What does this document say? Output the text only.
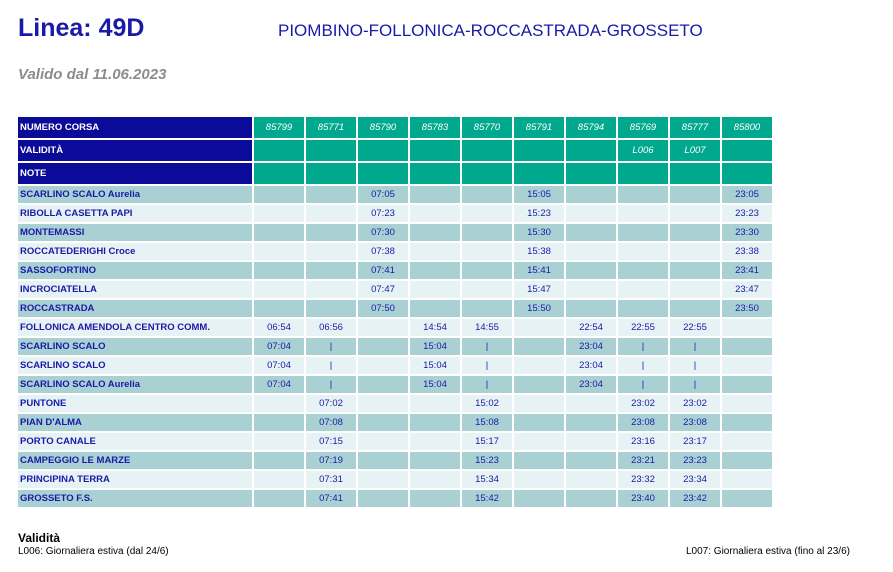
Linea: 49D	PIOMBINO-FOLLONICA-ROCCASTRADA-GROSSETO
Valido dal 11.06.2023
NUMERO CORSA	85799	85771	85790	85783	85770	85791	85794	85769	85777	85800
VALIDITÀ								L006	L007	
NOTE										
SCARLINO SCALO Aurelia			07:05			15:05				23:05
RIBOLLA CASETTA PAPI			07:23			15:23				23:23
MONTEMASSI			07:30			15:30				23:30
ROCCATEDERIGHI Croce			07:38			15:38				23:38
SASSOFORTINO			07:41			15:41				23:41
INCROCIATELLA			07:47			15:47				23:47
ROCCASTRADA			07:50			15:50				23:50
FOLLONICA AMENDOLA CENTRO COMM.	06:54	06:56		14:54	14:55		22:54	22:55	22:55	
SCARLINO SCALO	07:04	|		15:04	|		23:04	|	|	
SCARLINO SCALO	07:04	|		15:04	|		23:04	|	|	
SCARLINO SCALO Aurelia	07:04	|		15:04	|		23:04	|	|	
PUNTONE		07:02			15:02			23:02	23:02	
PIAN D'ALMA		07:08			15:08			23:08	23:08	
PORTO CANALE		07:15			15:17			23:16	23:17	
CAMPEGGIO LE MARZE		07:19			15:23			23:21	23:23	
PRINCIPINA TERRA		07:31			15:34			23:32	23:34	
GROSSETO F.S.		07:41			15:42			23:40	23:42	
Validità
L006: Giornaliera estiva (dal 24/6)	L007: Giornaliera estiva (fino al 23/6)
